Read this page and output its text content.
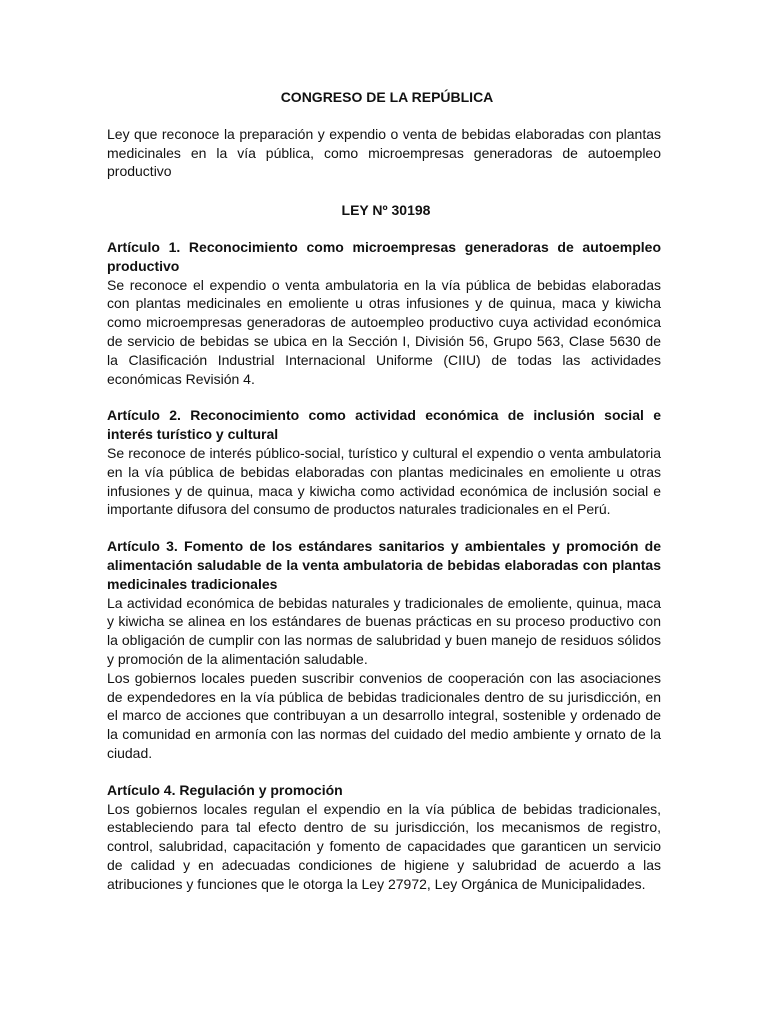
CONGRESO DE LA REPÚBLICA

Ley que reconoce la preparación y expendio o venta de bebidas elaboradas con plantas medicinales en la vía pública, como microempresas generadoras de autoempleo productivo

LEY Nº 30198

Artículo 1. Reconocimiento como microempresas generadoras de autoempleo productivo

Se reconoce el expendio o venta ambulatoria en la vía pública de bebidas elaboradas con plantas medicinales en emoliente u otras infusiones y de quinua, maca y kiwicha como microempresas generadoras de autoempleo productivo cuya actividad económica de servicio de bebidas se ubica en la Sección I, División 56, Grupo 563, Clase 5630 de la Clasificación Industrial Internacional Uniforme (CIIU) de todas las actividades económicas Revisión 4.

Artículo 2. Reconocimiento como actividad económica de inclusión social e interés turístico y cultural

Se reconoce de interés público-social, turístico y cultural el expendio o venta ambulatoria en la vía pública de bebidas elaboradas con plantas medicinales en emoliente u otras infusiones y de quinua, maca y kiwicha como actividad económica de inclusión social e importante difusora del consumo de productos naturales tradicionales en el Perú.

Artículo 3. Fomento de los estándares sanitarios y ambientales y promoción de alimentación saludable de la venta ambulatoria de bebidas elaboradas con plantas medicinales tradicionales

La actividad económica de bebidas naturales y tradicionales de emoliente, quinua, maca y kiwicha se alinea en los estándares de buenas prácticas en su proceso productivo con la obligación de cumplir con las normas de salubridad y buen manejo de residuos sólidos y promoción de la alimentación saludable.

Los gobiernos locales pueden suscribir convenios de cooperación con las asociaciones de expendedores en la vía pública de bebidas tradicionales dentro de su jurisdicción, en el marco de acciones que contribuyan a un desarrollo integral, sostenible y ordenado de la comunidad en armonía con las normas del cuidado del medio ambiente y ornato de la ciudad.

Artículo 4. Regulación y promoción

Los gobiernos locales regulan el expendio en la vía pública de bebidas tradicionales, estableciendo para tal efecto dentro de su jurisdicción, los mecanismos de registro, control, salubridad, capacitación y fomento de capacidades que garanticen un servicio de calidad y en adecuadas condiciones de higiene y salubridad de acuerdo a las atribuciones y funciones que le otorga la Ley 27972, Ley Orgánica de Municipalidades.
